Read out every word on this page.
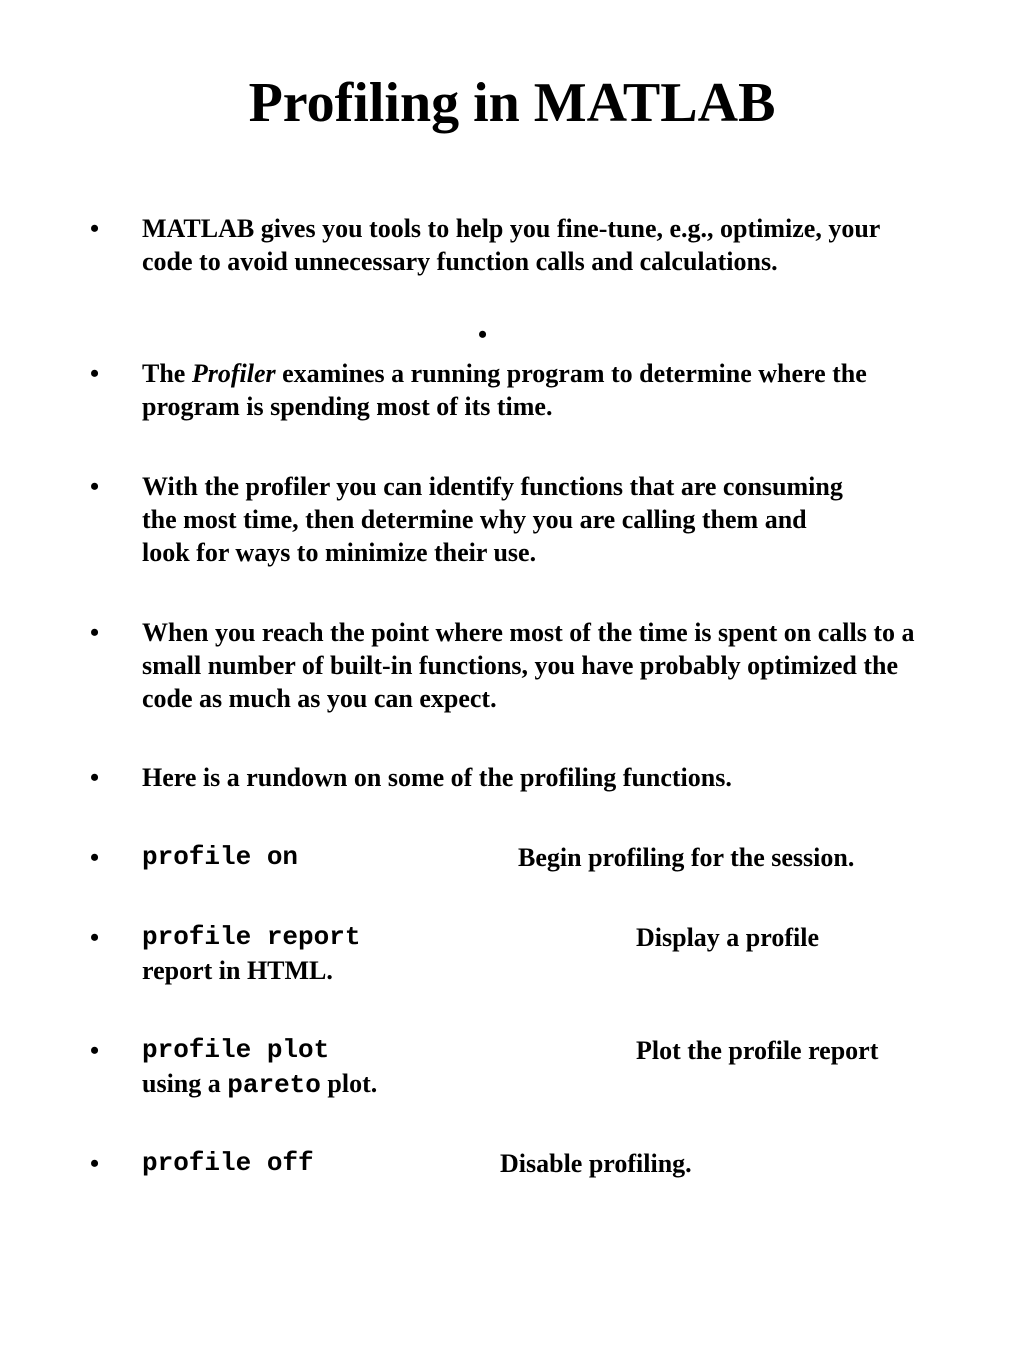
Profiling in MATLAB
• MATLAB gives you tools to help you fine-tune, e.g., optimize, your code to avoid unnecessary function calls and calculations.
•
• The Profiler examines a running program to determine where the program is spending most of its time.
• With the profiler you can identify functions that are consuming the most time, then determine why you are calling them and look for ways to minimize their use.
• When you reach the point where most of the time is spent on calls to a small number of built-in functions, you have probably optimized the code as much as you can expect.
• Here is a rundown on some of the profiling functions.
• profile on	Begin profiling for the session.
• profile report	Display a profile
report in HTML.
• profile plot	Plot the profile report
using a pareto plot.
• profile off	Disable profiling.
